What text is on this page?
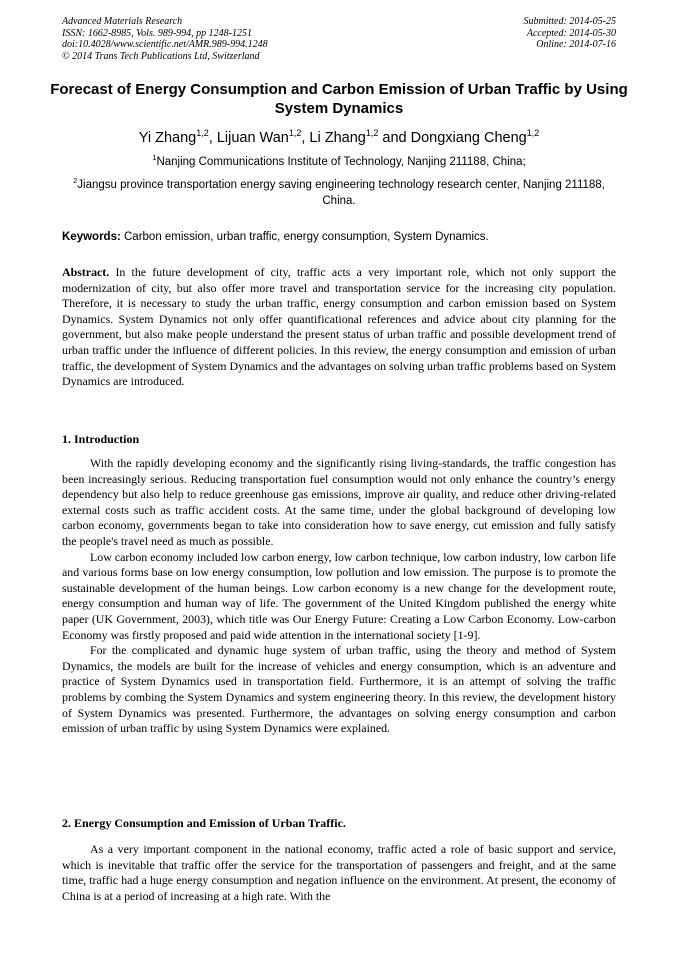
Advanced Materials Research
ISSN: 1662-8985, Vols. 989-994, pp 1248-1251
doi:10.4028/www.scientific.net/AMR.989-994.1248
© 2014 Trans Tech Publications Ltd, Switzerland
Submitted: 2014-05-25
Accepted: 2014-05-30
Online: 2014-07-16
Forecast of Energy Consumption and Carbon Emission of Urban Traffic by Using System Dynamics
Yi Zhang$^{1,2}$, Lijuan Wan$^{1,2}$, Li Zhang$^{1,2}$ and Dongxiang Cheng$^{1,2}$
$^1$Nanjing Communications Institute of Technology, Nanjing 211188, China;
$^2$Jiangsu province transportation energy saving engineering technology research center, Nanjing 211188, China.
Keywords: Carbon emission, urban traffic, energy consumption, System Dynamics.
Abstract. In the future development of city, traffic acts a very important role, which not only support the modernization of city, but also offer more travel and transportation service for the increasing city population. Therefore, it is necessary to study the urban traffic, energy consumption and carbon emission based on System Dynamics. System Dynamics not only offer quantificational references and advice about city planning for the government, but also make people understand the present status of urban traffic and possible development trend of urban traffic under the influence of different policies. In this review, the energy consumption and emission of urban traffic, the development of System Dynamics and the advantages on solving urban traffic problems based on System Dynamics are introduced.
1. Introduction

With the rapidly developing economy and the significantly rising living-standards, the traffic congestion has been increasingly serious. Reducing transportation fuel consumption would not only enhance the country’s energy dependency but also help to reduce greenhouse gas emissions, improve air quality, and reduce other driving-related external costs such as traffic accident costs. At the same time, under the global background of developing low carbon economy, governments began to take into consideration how to save energy, cut emission and fully satisfy the people's travel need as much as possible.

Low carbon economy included low carbon energy, low carbon technique, low carbon industry, low carbon life and various forms base on low energy consumption, low pollution and low emission. The purpose is to promote the sustainable development of the human beings. Low carbon economy is a new change for the development route, energy consumption and human way of life. The government of the United Kingdom published the energy white paper (UK Government, 2003), which title was Our Energy Future: Creating a Low Carbon Economy. Low-carbon Economy was firstly proposed and paid wide attention in the international society [1-9].

For the complicated and dynamic huge system of urban traffic, using the theory and method of System Dynamics, the models are built for the increase of vehicles and energy consumption, which is an adventure and practice of System Dynamics used in transportation field. Furthermore, it is an attempt of solving the traffic problems by combing the System Dynamics and system engineering theory. In this review, the development history of System Dynamics was presented. Furthermore, the advantages on solving energy consumption and carbon emission of urban traffic by using System Dynamics were explained.

2. Energy Consumption and Emission of Urban Traffic.

As a very important component in the national economy, traffic acted a role of basic support and service, which is inevitable that traffic offer the service for the transportation of passengers and freight, and at the same time, traffic had a huge energy consumption and negation influence on the environment. At present, the economy of China is at a period of increasing at a high rate. With the
